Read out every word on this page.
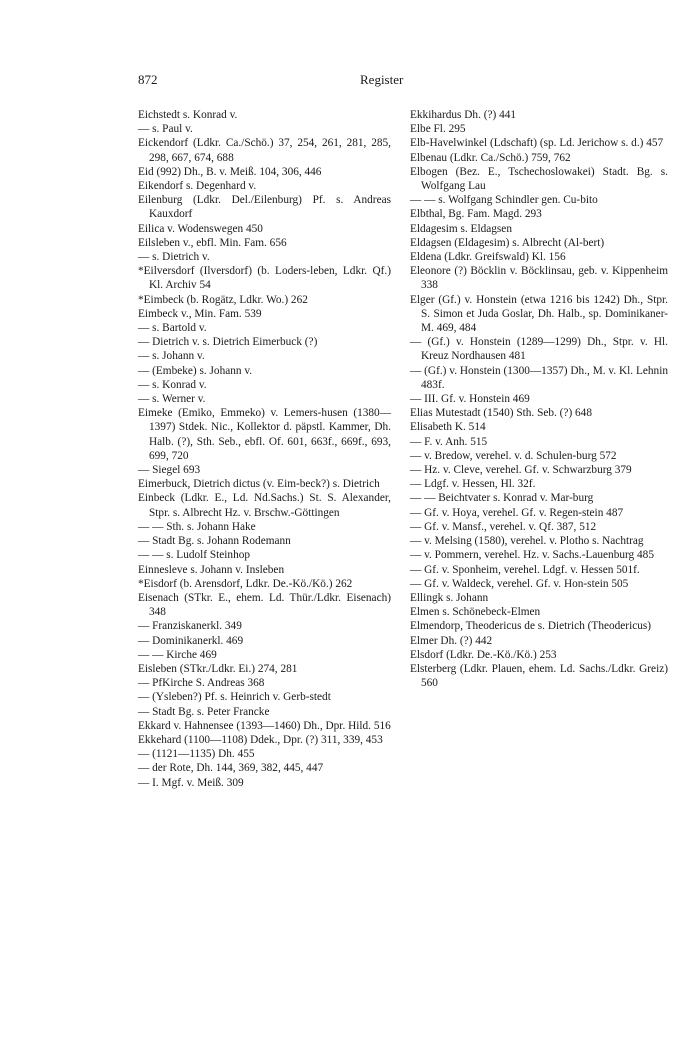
872	Register

Eichstedt s. Konrad v.

— s. Paul v.

Eickendorf (Ldkr. Ca./Schö.) 37, 254, 261, 281, 285, 298, 667, 674, 688

Eid (992) Dh., B. v. Meiß. 104, 306, 446

Eikendorf s. Degenhard v.

Eilenburg (Ldkr. Del./Eilenburg) Pf. s. Andreas Kauxdorf

Eilica v. Wodenswegen 450

Eilsleben v., ebfl. Min. Fam. 656

— s. Dietrich v.

*Eilversdorf (Ilversdorf) (b. Loders-leben, Ldkr. Qf.) Kl. Archiv 54

*Eimbeck (b. Rogätz, Ldkr. Wo.) 262

Eimbeck v., Min. Fam. 539

— s. Bartold v.

— Dietrich v. s. Dietrich Eimerbuck (?)

— s. Johann v.

— (Embeke) s. Johann v.

— s. Konrad v.

— s. Werner v.

Eimeke (Emiko, Emmeko) v. Lemers-husen (1380—1397) Stdek. Nic., Kollektor d. päpstl. Kammer, Dh. Halb. (?), Sth. Seb., ebfl. Of. 601, 663f., 669f., 693, 699, 720

— Siegel 693

Eimerbuck, Dietrich dictus (v. Eim-beck?) s. Dietrich

Einbeck (Ldkr. E., Ld. Nd.Sachs.) St. S. Alexander, Stpr. s. Albrecht Hz. v. Brschw.-Göttingen

— — Sth. s. Johann Hake

— Stadt Bg. s. Johann Rodemann

— — s. Ludolf Steinhop

Einnesleve s. Johann v. Insleben

*Eisdorf (b. Arensdorf, Ldkr. De.-Kö./Kö.) 262

Eisenach (STkr. E., ehem. Ld. Thür./Ldkr. Eisenach) 348

— Franziskanerkl. 349

— Dominikanerkl. 469

— — Kirche 469

Eisleben (STkr./Ldkr. Ei.) 274, 281

— PfKirche S. Andreas 368

— (Ysleben?) Pf. s. Heinrich v. Gerb-stedt

— Stadt Bg. s. Peter Francke

Ekkard v. Hahnensee (1393—1460) Dh., Dpr. Hild. 516

Ekkehard (1100—1108) Ddek., Dpr. (?) 311, 339, 453

— (1121—1135) Dh. 455

— der Rote, Dh. 144, 369, 382, 445, 447

— I. Mgf. v. Meiß. 309

Ekkihardus Dh. (?) 441

Elbe Fl. 295

Elb-Havelwinkel (Ldschaft) (sp. Ld. Jerichow s. d.) 457

Elbenau (Ldkr. Ca./Schö.) 759, 762

Elbogen (Bez. E., Tschechoslowakei) Stadt. Bg. s. Wolfgang Lau

— — s. Wolfgang Schindler gen. Cu-bito

Elbthal, Bg. Fam. Magd. 293

Eldagesim s. Eldagsen

Eldagsen (Eldagesim) s. Albrecht (Al-bert)

Eldena (Ldkr. Greifswald) Kl. 156

Eleonore (?) Böcklin v. Böcklinsau, geb. v. Kippenheim 338

Elger (Gf.) v. Honstein (etwa 1216 bis 1242) Dh., Stpr. S. Simon et Juda Goslar, Dh. Halb., sp. Dominikaner-M. 469, 484

— (Gf.) v. Honstein (1289—1299) Dh., Stpr. v. Hl. Kreuz Nordhausen 481

— (Gf.) v. Honstein (1300—1357) Dh., M. v. Kl. Lehnin 483f.

— III. Gf. v. Honstein 469

Elias Mutestadt (1540) Sth. Seb. (?) 648

Elisabeth K. 514

— F. v. Anh. 515

— v. Bredow, verehel. v. d. Schulen-burg 572

— Hz. v. Cleve, verehel. Gf. v. Schwarzburg 379

— Ldgf. v. Hessen, Hl. 32f.

— — Beichtvater s. Konrad v. Mar-burg

— Gf. v. Hoya, verehel. Gf. v. Regen-stein 487

— Gf. v. Mansf., verehel. v. Qf. 387, 512

— v. Melsing (1580), verehel. v. Plotho s. Nachtrag

— v. Pommern, verehel. Hz. v. Sachs.-Lauenburg 485

— Gf. v. Sponheim, verehel. Ldgf. v. Hessen 501f.

— Gf. v. Waldeck, verehel. Gf. v. Hon-stein 505

Ellingk s. Johann

Elmen s. Schönebeck-Elmen

Elmendorp, Theodericus de s. Dietrich (Theodericus)

Elmer Dh. (?) 442

Elsdorf (Ldkr. De.-Kö./Kö.) 253

Elsterberg (Ldkr. Plauen, ehem. Ld. Sachs./Ldkr. Greiz) 560
